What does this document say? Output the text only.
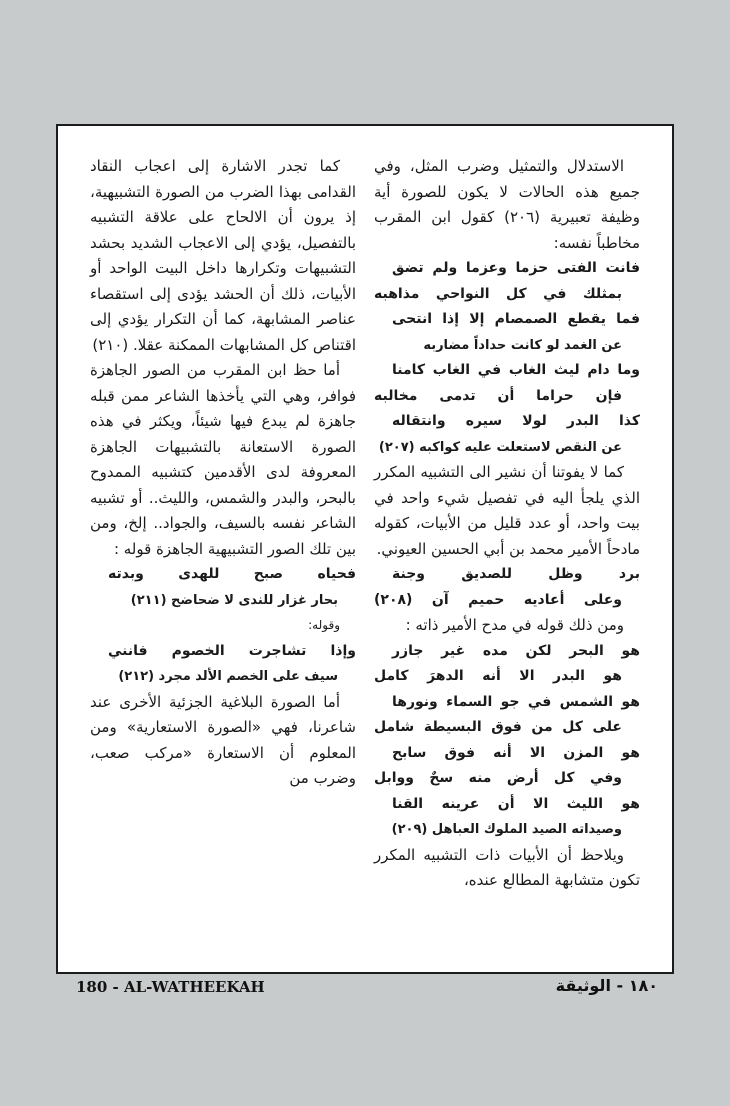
الاستدلال والتمثيل وضرب المثل، وفي جميع هذه الحالات لا يكون للصورة أية وظيفة تعبيرية (٢٠٦) كقول ابن المقرب مخاطباً نفسه:

فانت الفتى حزما وعزما ولم تضق

بمثلك في كل النواحي مذاهبه

فما يقطع الصمصام إلا إذا انتحى

عن الغمد لو كانت حداداً مضاربه

وما دام ليث الغاب في الغاب كامنا

فإن حراما أن تدمى مخالبه

كذا البدر لولا سيره وانتقاله

عن النقص لاستعلت عليه كواكبه (٢٠٧)

كما لا يفوتنا أن نشير الى التشبيه المكرر الذي يلجأ اليه في تفصيل شيء واحد في بيت واحد، أو عدد قليل من الأبيات، كقوله مادحاً الأمير محمد بن أبي الحسين العيوني.

برد وظل للصديق وجنة

وعلى أعاديه حميم آن (٢٠٨)

ومن ذلك قوله في مدح الأمير ذاته :

هو البحر لكن مده غير جازر

هو البدر الا أنه الدهرَ كامل

هو الشمس في جو السماء ونورها

على كل من فوق البسيطة شامل

هو المزن الا أنه فوق سابح

وفي كل أرض منه سحٌ ووابل

هو الليث الا أن عرينه القنا

وصيداته الصيد الملوك العباهل (٢٠٩)

ويلاحظ أن الأبيات ذات التشبيه المكرر تكون متشابهة المطالع عنده،

كما تجدر الاشارة إلى اعجاب النقاد القدامى بهذا الضرب من الصورة التشبيهية، إذ يرون أن الالحاح على علاقة التشبيه بالتفصيل، يؤدي إلى الاعجاب الشديد بحشد التشبيهات وتكرارها داخل البيت الواحد أو الأبيات، ذلك أن الحشد يؤدى إلى استقصاء عناصر المشابهة، كما أن التكرار يؤدي إلى اقتناص كل المشابهات الممكنة عقلا. (٢١٠)

أما حظ ابن المقرب من الصور الجاهزة فوافر، وهي التي يأخذها الشاعر ممن قبله جاهزة لم يبدع فيها شيئاً، ويكثر في هذه الصورة الاستعانة بالتشبيهات الجاهزة المعروفة لدى الأقدمين كتشبيه الممدوح بالبحر، والبدر والشمس، والليث.. أو تشبيه الشاعر نفسه بالسيف، والجواد.. إلخ، ومن بين تلك الصور التشبيهية الجاهزة قوله :

فحياه صبح للهدى وبدته

بحار غزار للندى لا ضحاضح (٢١١)

وقوله:

وإذا تشاجرت الخصوم فانني

سيف على الخصم الألد مجرد (٢١٢)

أما الصورة البلاغية الجزئية الأخرى عند شاعرنا، فهي «الصورة الاستعارية» ومن المعلوم أن الاستعارة «مركب صعب، وضرب من

180 - AL-WATHEEKAH	١٨٠ - الوثيقة
